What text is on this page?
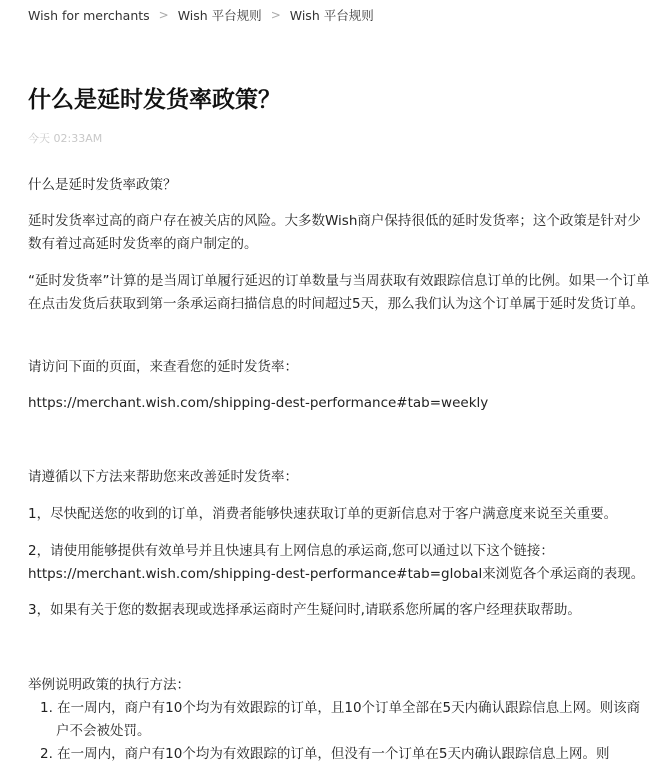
Wish for merchants > Wish 平台规则 > Wish 平台规则
什么是延时发货率政策？
今天 02:33AM

什么是延时发货率政策？

延时发货率过高的商户存在被关店的风险。大多数Wish商户保持很低的延时发货率；这个政策是针对少数有着过高延时发货率的商户制定的。

“延时发货率”计算的是当周订单履行延迟的订单数量与当周获取有效跟踪信息订单的比例。如果一个订单在点击发货后获取到第一条承运商扫描信息的时间超过5天，那么我们认为这个订单属于延时发货订单。

请访问下面的页面，来查看您的延时发货率：

https://merchant.wish.com/shipping-dest-performance#tab=weekly

请遵循以下方法来帮助您来改善延时发货率：

1，尽快配送您的收到的订单，消费者能够快速获取订单的更新信息对于客户满意度来说至关重要。

2，请使用能够提供有效单号并且快速具有上网信息的承运商,您可以通过以下这个链接：https://merchant.wish.com/shipping-dest-performance#tab=global来浏览各个承运商的表现。

3，如果有关于您的数据表现或选择承运商时产生疑问时,请联系您所属的客户经理获取帮助。

举例说明政策的执行方法：

1. 在一周内，商户有10个均为有效跟踪的订单，且10个订单全部在5天内确认跟踪信息上网。则该商户不会被处罚。
2. 在一周内，商户有10个均为有效跟踪的订单，但没有一个订单在5天内确认跟踪信息上网。则
